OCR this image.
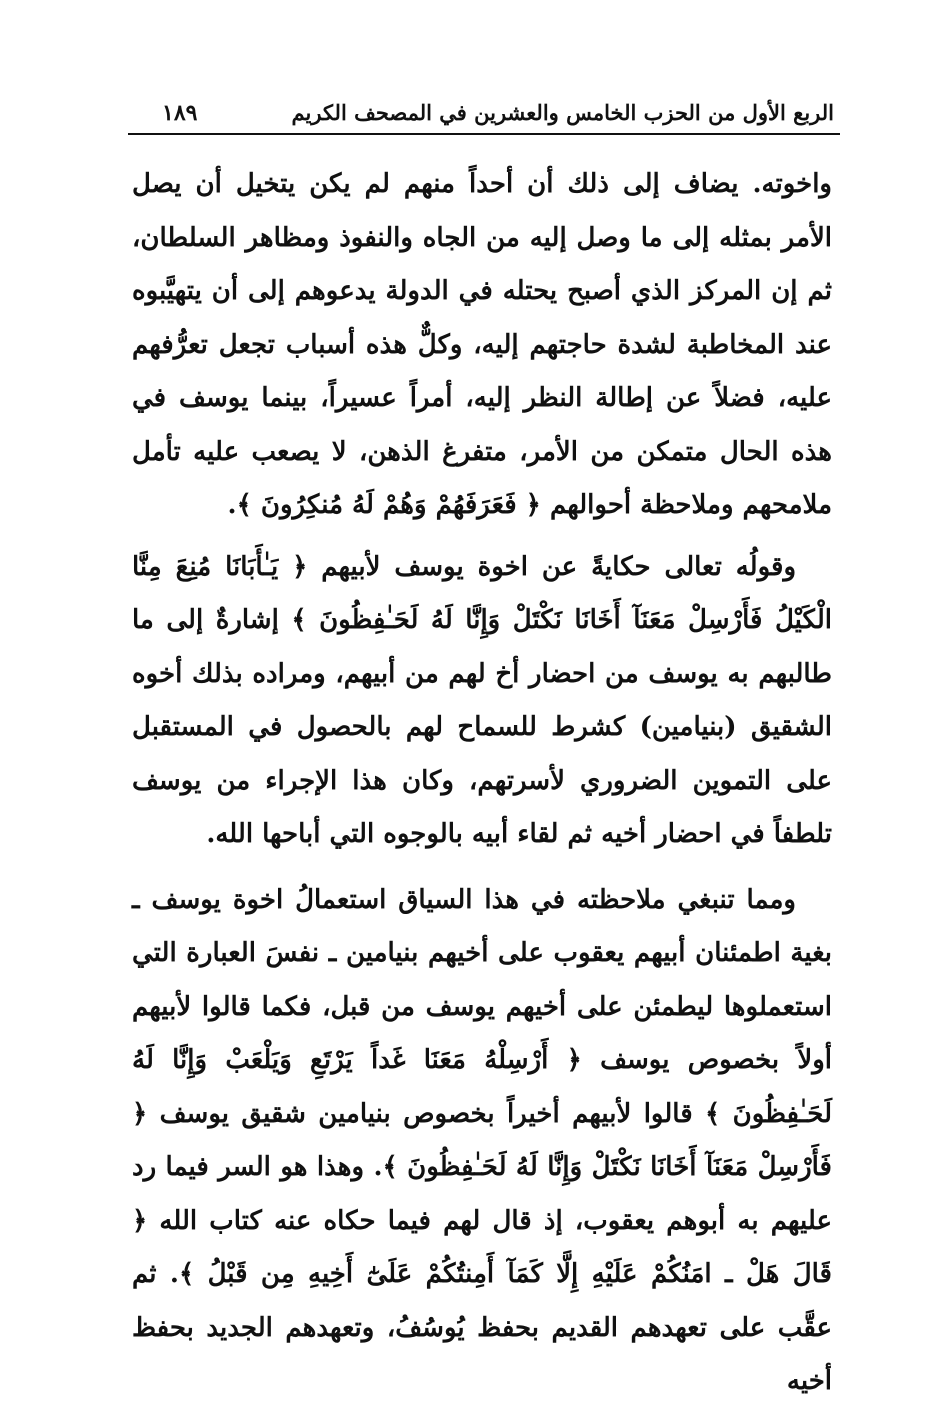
الربع الأول من الحزب الخامس والعشرين في المصحف الكريم
١٨٩

واخوته. يضاف إلى ذلك أن أحداً منهم لم يكن يتخيل أن يصل الأمر بمثله إلى ما وصل إليه من الجاه والنفوذ ومظاهر السلطان، ثم إن المركز الذي أصبح يحتله في الدولة يدعوهم إلى أن يتهيَّبوه عند المخاطبة لشدة حاجتهم إليه، وكلٌّ هذه أسباب تجعل تعرُّفهم عليه، فضلاً عن إطالة النظر إليه، أمراً عسيراً، بينما يوسف في هذه الحال متمكن من الأمر، متفرغ الذهن، لا يصعب عليه تأمل ملامحهم وملاحظة أحوالهم ﴿ فَعَرَفَهُمْ وَهُمْ لَهُ مُنكِرُونَ ﴾.

وقولُه تعالى حكايةً عن اخوة يوسف لأبيهم ﴿ يَـٰأَبَانَا مُنِعَ مِنَّا الْكَيْلُ فَأَرْسِلْ مَعَنَآ أَخَانَا نَكْتَلْ وَإِنَّا لَهُ لَحَـٰفِظُونَ ﴾ إشارةٌ إلى ما طالبهم به يوسف من احضار أخ لهم من أبيهم، ومراده بذلك أخوه الشقيق (بنيامين) كشرط للسماح لهم بالحصول في المستقبل على التموين الضروري لأسرتهم، وكان هذا الإجراء من يوسف تلطفاً في احضار أخيه ثم لقاء أبيه بالوجوه التي أباحها الله.

ومما تنبغي ملاحظته في هذا السياق استعمالُ اخوة يوسف ـ بغية اطمئنان أبيهم يعقوب على أخيهم بنيامين ـ نفسَ العبارة التي استعملوها ليطمئن على أخيهم يوسف من قبل، فكما قالوا لأبيهم أولاً بخصوص يوسف ﴿ أَرْسِلْهُ مَعَنَا غَداً يَرْتَعِ وَيَلْعَبْ وَإِنَّا لَهُ لَحَـٰفِظُونَ ﴾ قالوا لأبيهم أخيراً بخصوص بنيامين شقيق يوسف ﴿ فَأَرْسِلْ مَعَنَآ أَخَانَا نَكْتَلْ وَإِنَّا لَهُ لَحَـٰفِظُونَ ﴾. وهذا هو السر فيما رد عليهم به أبوهم يعقوب، إذ قال لهم فيما حكاه عنه كتاب الله ﴿ قَالَ هَلْ ـ امَنُكُمْ عَلَيْهِ إِلَّا كَمَآ أَمِنتُكُمْ عَلَىٰٓ أَخِيهِ مِن قَبْلُ ﴾. ثم عقَّب على تعهدهم القديم بحفظ يُوسُفُ، وتعهدهم الجديد بحفظ أخيه
